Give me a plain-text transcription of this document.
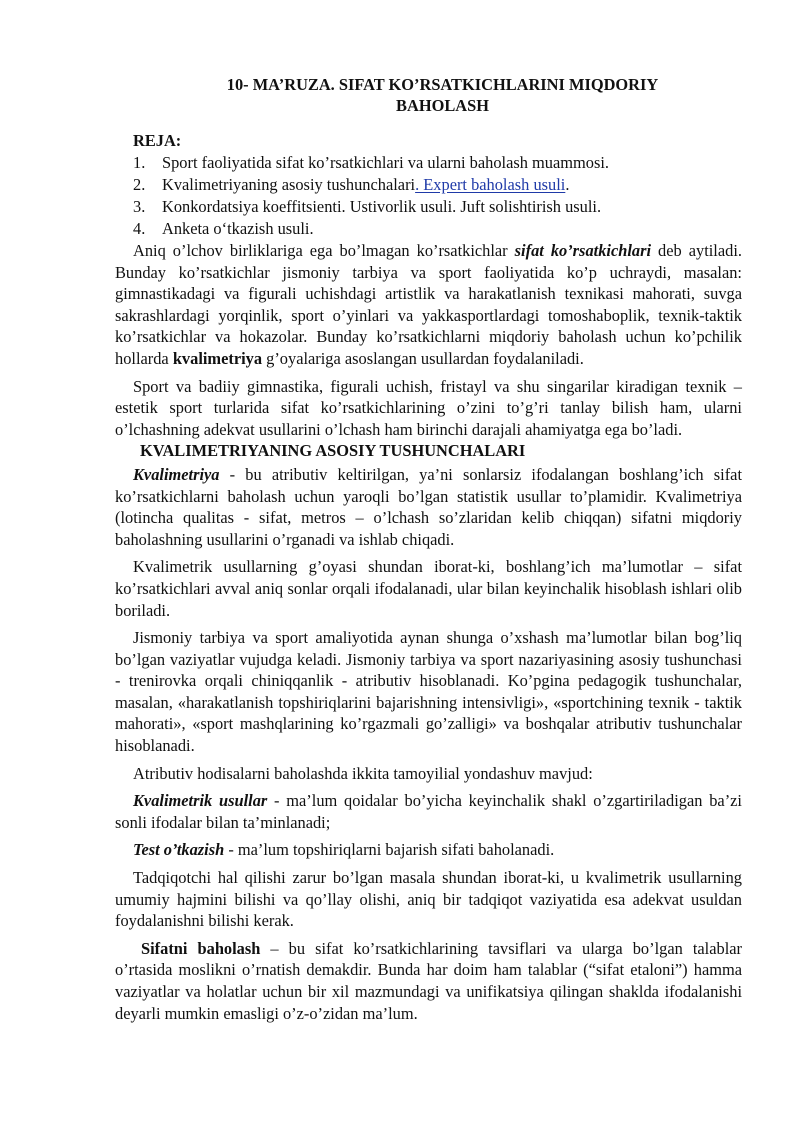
10- MA’RUZA. SIFAT KO’RSATKICHLARINI MIQDORIY
BAHOLASH
REJA:
1. Sport faoliyatida sifat ko’rsatkichlari va ularni baholash muammosi.
2. Kvalimetriyaning asosiy tushunchalari. Expert baholash usuli.
3. Konkordatsiya koeffitsienti. Ustivorlik usuli. Juft solishtirish usuli.
4. Anketa o‘tkazish usuli.

Aniq o’lchov birliklariga ega bo’lmagan ko’rsatkichlar sifat ko’rsatkichlari deb aytiladi. Bunday ko’rsatkichlar jismoniy tarbiya va sport faoliyatida ko’p uchraydi, masalan: gimnastikadagi va figurali uchishdagi artistlik va harakatlanish texnikasi mahorati, suvga sakrashlardagi yorqinlik, sport o’yinlari va yakkasportlardagi tomoshaboplik, texnik-taktik ko’rsatkichlar va hokazolar. Bunday ko’rsatkichlarni miqdoriy baholash uchun ko’pchilik hollarda kvalimetriya g’oyalariga asoslangan usullardan foydalaniladi.

Sport va badiiy gimnastika, figurali uchish, fristayl va shu singarilar kiradigan texnik – estetik sport turlarida sifat ko’rsatkichlarining o’zini to’g’ri tanlay bilish ham, ularni o’lchashning adekvat usullarini o’lchash ham birinchi darajali ahamiyatga ega bo’ladi.

KVALIMETRIYANING ASOSIY TUSHUNCHALARI

Kvalimetriya - bu atributiv keltirilgan, ya’ni sonlarsiz ifodalangan boshlang’ich sifat ko’rsatkichlarni baholash uchun yaroqli bo’lgan statistik usullar to’plamidir. Kvalimetriya (lotincha qualitas - sifat, metros – o’lchash so’zlaridan kelib chiqqan) sifatni miqdoriy baholashning usullarini o’rganadi va ishlab chiqadi.

Kvalimetrik usullarning g’oyasi shundan iborat-ki, boshlang’ich ma’lumotlar – sifat ko’rsatkichlari avval aniq sonlar orqali ifodalanadi, ular bilan keyinchalik hisoblash ishlari olib boriladi.

Jismoniy tarbiya va sport amaliyotida aynan shunga o’xshash ma’lumotlar bilan bog’liq bo’lgan vaziyatlar vujudga keladi. Jismoniy tarbiya va sport nazariyasining asosiy tushunchasi - trenirovka orqali chiniqqanlik - atributiv hisoblanadi. Ko’pgina pedagogik tushunchalar, masalan, «harakatlanish topshiriqlarini bajarishning intensivligi», «sportchining texnik - taktik mahorati», «sport mashqlarining ko’rgazmali go’zalligi» va boshqalar atributiv tushunchalar hisoblanadi.

Atributiv hodisalarni baholashda ikkita tamoyilial yondashuv mavjud:

Kvalimetrik usullar - ma’lum qoidalar bo’yicha keyinchalik shakl o’zgartiriladigan ba’zi sonli ifodalar bilan ta’minlanadi;

Test o’tkazish - ma’lum topshiriqlarni bajarish sifati baholanadi.

Tadqiqotchi hal qilishi zarur bo’lgan masala shundan iborat-ki, u kvalimetrik usullarning umumiy hajmini bilishi va qo’llay olishi, aniq bir tadqiqot vaziyatida esa adekvat usuldan foydalanishni bilishi kerak.

Sifatni baholash – bu sifat ko’rsatkichlarining tavsiflari va ularga bo’lgan talablar o’rtasida moslikni o’rnatish demakdir. Bunda har doim ham talablar (“sifat etaloni”) hamma vaziyatlar va holatlar uchun bir xil mazmundagi va unifikatsiya qilingan shaklda ifodalanishi deyarli mumkin emasligi o’z-o’zidan ma’lum.
